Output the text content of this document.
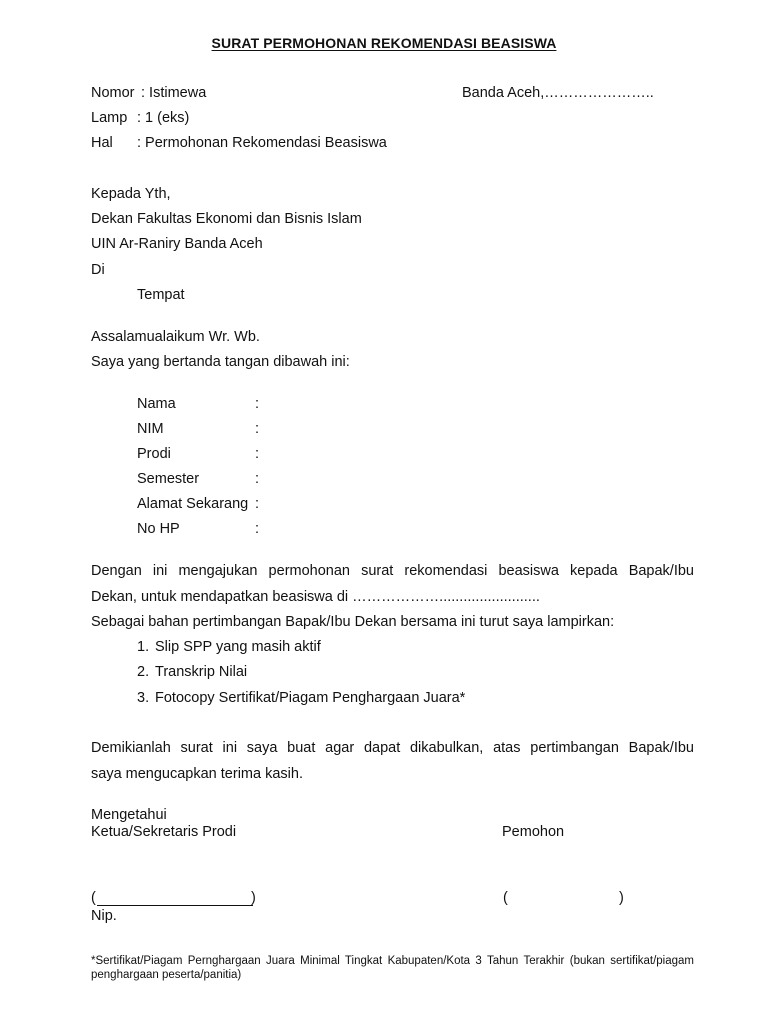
SURAT PERMOHONAN REKOMENDASI BEASISWA
Nomor : Istimewa	Banda Aceh,…………………..
Lamp : 1 (eks)
Hal : Permohonan Rekomendasi Beasiswa
Kepada Yth,
Dekan Fakultas Ekonomi dan Bisnis Islam
UIN Ar-Raniry Banda Aceh
Di
Tempat
Assalamualaikum Wr. Wb.
Saya yang bertanda tangan dibawah ini:
Nama	:
NIM	:
Prodi	:
Semester	:
Alamat Sekarang :
No HP	:
Dengan ini mengajukan permohonan surat rekomendasi beasiswa kepada Bapak/Ibu
Dekan, untuk mendapatkan beasiswa di ……………….........................
Sebagai bahan pertimbangan Bapak/Ibu Dekan bersama ini turut saya lampirkan:
1. Slip SPP yang masih aktif
2. Transkrip Nilai
3. Fotocopy Sertifikat/Piagam Penghargaan Juara*
Demikianlah surat ini saya buat agar dapat dikabulkan, atas pertimbangan Bapak/Ibu
saya mengucapkan terima kasih.
Mengetahui
Ketua/Sekretaris Prodi	Pemohon
(	)	(	)
Nip.
*Sertifikat/Piagam Pernghargaan Juara Minimal Tingkat Kabupaten/Kota 3 Tahun Terakhir (bukan sertifikat/piagam penghargaan peserta/panitia)
